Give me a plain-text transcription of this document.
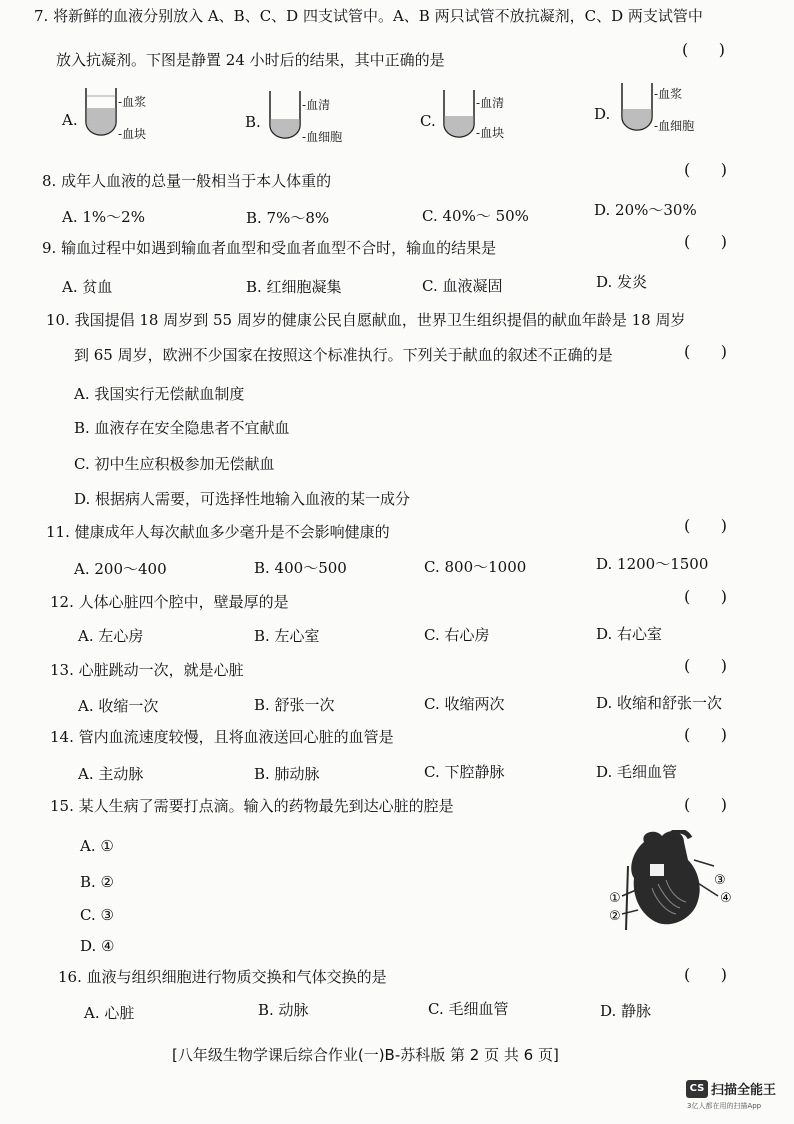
7. 将新鲜的血液分别放入 A、B、C、D 四支试管中。A、B 两只试管不放抗凝剂，C、D 两支试管中
放入抗凝剂。下图是静置 24 小时后的结果，其中正确的是
(      )
A.
-血浆
-血块
B.
-血清
-血细胞
C.
-血清
-血块
D.
-血浆
-血细胞
8. 成年人血液的总量一般相当于本人体重的
(      )
A. 1%～2%	B. 7%～8%	C. 40%～ 50%	D. 20%～30%
9. 输血过程中如遇到输血者血型和受血者血型不合时，输血的结果是	(      )
A. 贫血	B. 红细胞凝集	C. 血液凝固	D. 发炎
10. 我国提倡 18 周岁到 55 周岁的健康公民自愿献血，世界卫生组织提倡的献血年龄是 18 周岁
到 65 周岁，欧洲不少国家在按照这个标准执行。下列关于献血的叙述不正确的是	(      )
A. 我国实行无偿献血制度
B. 血液存在安全隐患者不宜献血
C. 初中生应积极参加无偿献血
D. 根据病人需要，可选择性地输入血液的某一成分
11. 健康成年人每次献血多少毫升是不会影响健康的	(      )
A. 200～400	B. 400～500	C. 800～1000	D. 1200～1500
12. 人体心脏四个腔中，壁最厚的是	(      )
A. 左心房	B. 左心室	C. 右心房	D. 右心室
13. 心脏跳动一次，就是心脏	(      )
A. 收缩一次	B. 舒张一次	C. 收缩两次	D. 收缩和舒张一次
14. 管内血流速度较慢，且将血液送回心脏的血管是	(      )
A. 主动脉	B. 肺动脉	C. 下腔静脉	D. 毛细血管
15. 某人生病了需要打点滴。输入的药物最先到达心脏的腔是	(      )
A. ①
B. ②
C. ③
D. ④
①
②
③
④
16. 血液与组织细胞进行物质交换和气体交换的是	(      )
A. 心脏	B. 动脉	C. 毛细血管	D. 静脉
[八年级生物学课后综合作业(一)B-苏科版 第 2 页 共 6 页]
CS 扫描全能王
3亿人都在用的扫描App
